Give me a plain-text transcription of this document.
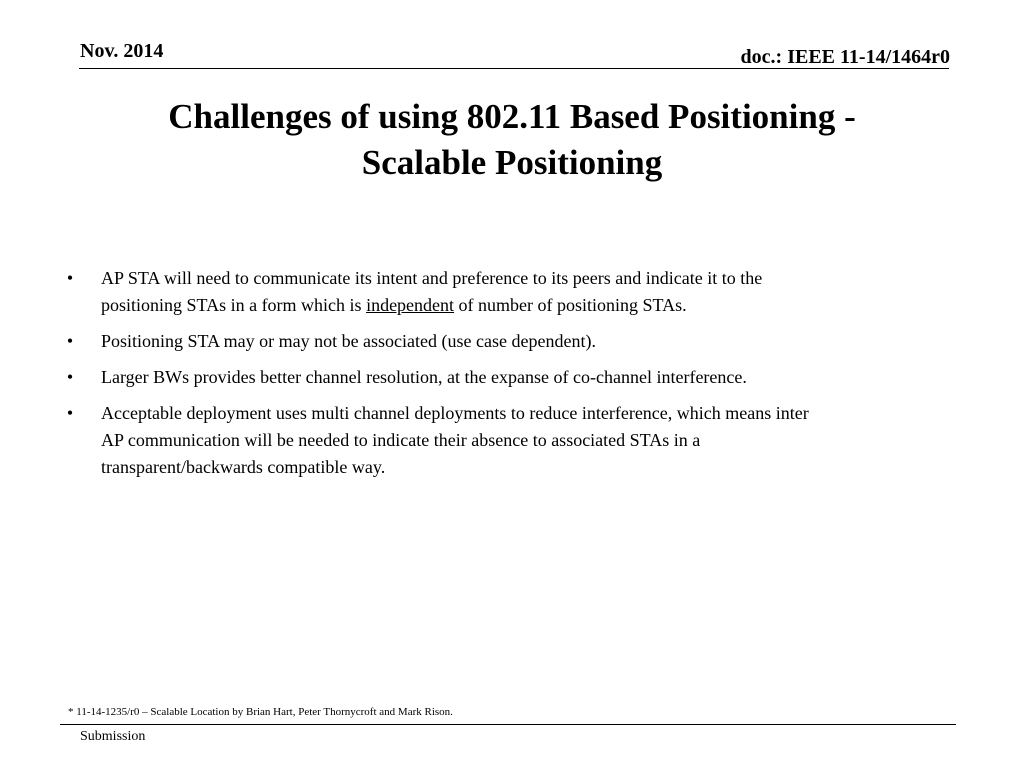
Nov. 2014	doc.: IEEE 11-14/1464r0
Challenges of using 802.11 Based Positioning -
Scalable Positioning
•	AP STA will need to communicate its intent and preference to its peers and indicate it to the positioning STAs in a form which is independent of number of positioning STAs.
•	Positioning STA may or may not be associated (use case dependent).
•	Larger BWs provides better channel resolution, at the expanse of co-channel interference.
•	Acceptable deployment uses multi channel deployments to reduce interference, which means inter AP communication will be needed to indicate their absence to associated STAs in a transparent/backwards compatible way.
* 11-14-1235/r0 – Scalable Location by Brian Hart, Peter Thornycroft and Mark Rison.
Submission
